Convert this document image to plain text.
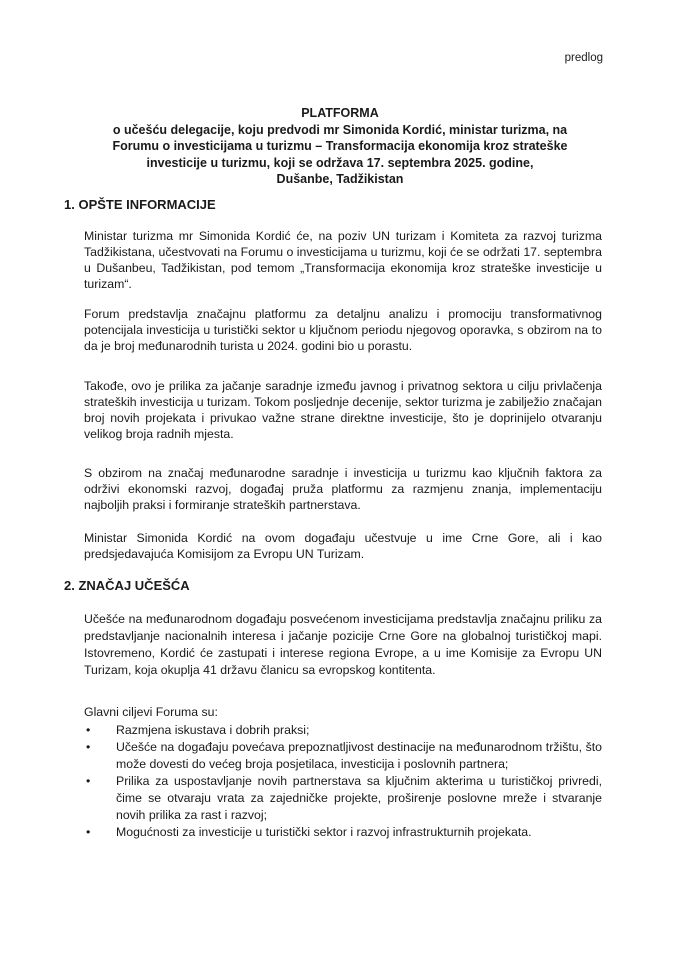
predlog
PLATFORMA
o učešću delegacije, koju predvodi mr Simonida Kordić, ministar turizma, na
Forumu o investicijama u turizmu – Transformacija ekonomija kroz strateške
investicije u turizmu, koji se održava 17. septembra 2025. godine,
Dušanbe, Tadžikistan
1. OPŠTE INFORMACIJE

Ministar turizma mr Simonida Kordić će, na poziv UN turizam i Komiteta za razvoj turizma Tadžikistana, učestvovati na Forumu o investicijama u turizmu, koji će se održati 17. septembra u Dušanbeu, Tadžikistan, pod temom „Transformacija ekonomija kroz strateške investicije u turizam“.

Forum predstavlja značajnu platformu za detaljnu analizu i promociju transformativnog potencijala investicija u turistički sektor u ključnom periodu njegovog oporavka, s obzirom na to da je broj međunarodnih turista u 2024. godini bio u porastu.

Takođe, ovo je prilika za jačanje saradnje između javnog i privatnog sektora u cilju privlačenja strateških investicija u turizam. Tokom posljednje decenije, sektor turizma je zabilježio značajan broj novih projekata i privukao važne strane direktne investicije, što je doprinijelo otvaranju velikog broja radnih mjesta.

S obzirom na značaj međunarodne saradnje i investicija u turizmu kao ključnih faktora za održivi ekonomski razvoj, događaj pruža platformu za razmjenu znanja, implementaciju najboljih praksi i formiranje strateških partnerstava.

Ministar Simonida Kordić na ovom događaju učestvuje u ime Crne Gore, ali i kao predsjedavajuća Komisijom za Evropu UN Turizam.

2. ZNAČAJ UČEŠĆA

Učešće na međunarodnom događaju posvećenom investicijama predstavlja značajnu priliku za predstavljanje nacionalnih interesa i jačanje pozicije Crne Gore na globalnoj turističkoj mapi. Istovremeno, Kordić će zastupati i interese regiona Evrope, a u ime Komisije za Evropu UN Turizam, koja okuplja 41 državu članicu sa evropskog kontitenta.

Glavni ciljevi Foruma su:

• Razmjena iskustava i dobrih praksi;
• Učešće na događaju povećava prepoznatljivost destinacije na međunarodnom tržištu, što može dovesti do većeg broja posjetilaca, investicija i poslovnih partnera;
• Prilika za uspostavljanje novih partnerstava sa ključnim akterima u turističkoj privredi, čime se otvaraju vrata za zajedničke projekte, proširenje poslovne mreže i stvaranje novih prilika za rast i razvoj;
• Mogućnosti za investicije u turistički sektor i razvoj infrastrukturnih projekata.
